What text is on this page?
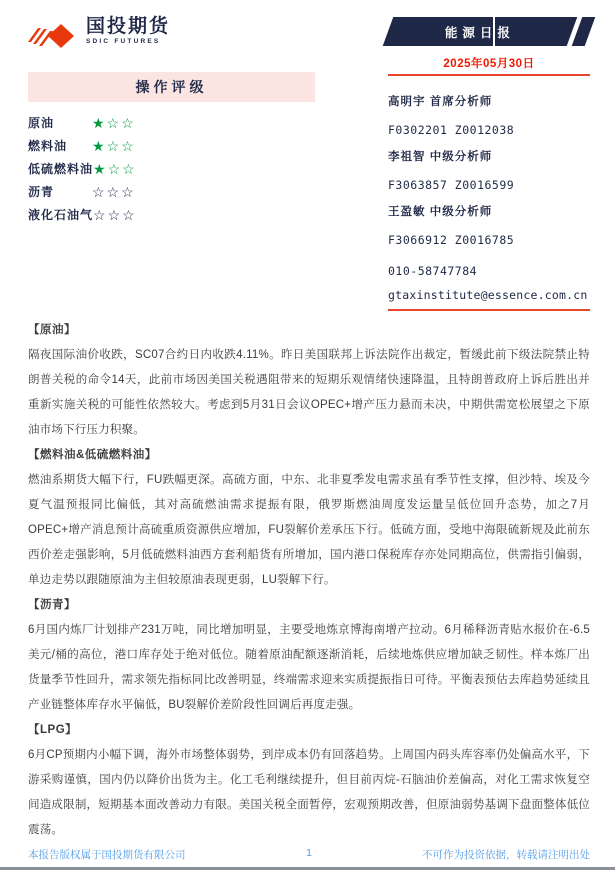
国投期货
SDIC FUTURES
操作评级
原油	★☆☆
燃料油 ★☆☆
低硫燃料油★☆☆
沥青	☆☆☆
液化石油气☆☆☆
能源日报
2025年05月30日
高明宇 首席分析师
F0302201 Z0012038
李祖智 中级分析师
F3063857 Z0016599
王盈敏 中级分析师
F3066912 Z0016785
010-58747784
gtaxinstitute@essence.com.cn
【原油】
隔夜国际油价收跌，SC07合约日内收跌4.11%。昨日美国联邦上诉法院作出裁定，暂缓此前下级法院禁止特朗普关税的命令14天，此前市场因美国关税遇阻带来的短期乐观情绪快速降温，且特朗普政府上诉后胜出并重新实施关税的可能性依然较大。考虑到5月31日会议OPEC+增产压力悬而未决，中期供需宽松展望之下原油市场下行压力积聚。
【燃料油&低硫燃料油】
燃油系期货大幅下行，FU跌幅更深。高硫方面，中东、北非夏季发电需求虽有季节性支撑，但沙特、埃及今夏气温预报同比偏低，其对高硫燃油需求提振有限，俄罗斯燃油周度发运量呈低位回升态势，加之7月OPEC+增产消息预计高硫重质资源供应增加，FU裂解价差承压下行。低硫方面，受地中海限硫新规及此前东西价差走强影响，5月低硫燃料油西方套利船货有所增加，国内港口保税库存亦处同期高位，供需指引偏弱，单边走势以跟随原油为主但较原油表现更弱，LU裂解下行。
【沥青】
6月国内炼厂计划排产231万吨，同比增加明显，主要受地炼京博海南增产拉动。6月稀释沥青贴水报价在-6.5美元/桶的高位，港口库存处于绝对低位。随着原油配额逐渐消耗，后续地炼供应增加缺乏韧性。样本炼厂出货量季节性回升，需求领先指标同比改善明显，终端需求迎来实质提振指日可待。平衡表预估去库趋势延续且产业链整体库存水平偏低，BU裂解价差阶段性回调后再度走强。
【LPG】
6月CP预期内小幅下调，海外市场整体弱势，到岸成本仍有回落趋势。上周国内码头库容率仍处偏高水平，下游采购谨慎，国内仍以降价出货为主。化工毛利继续提升，但目前丙烷-石脑油价差偏高，对化工需求恢复空间造成限制，短期基本面改善动力有限。美国关税全面暂停，宏观预期改善，但原油弱势基调下盘面整体低位震荡。
本报告版权属于国投期货有限公司	1	不可作为投资依据，转载请注明出处
